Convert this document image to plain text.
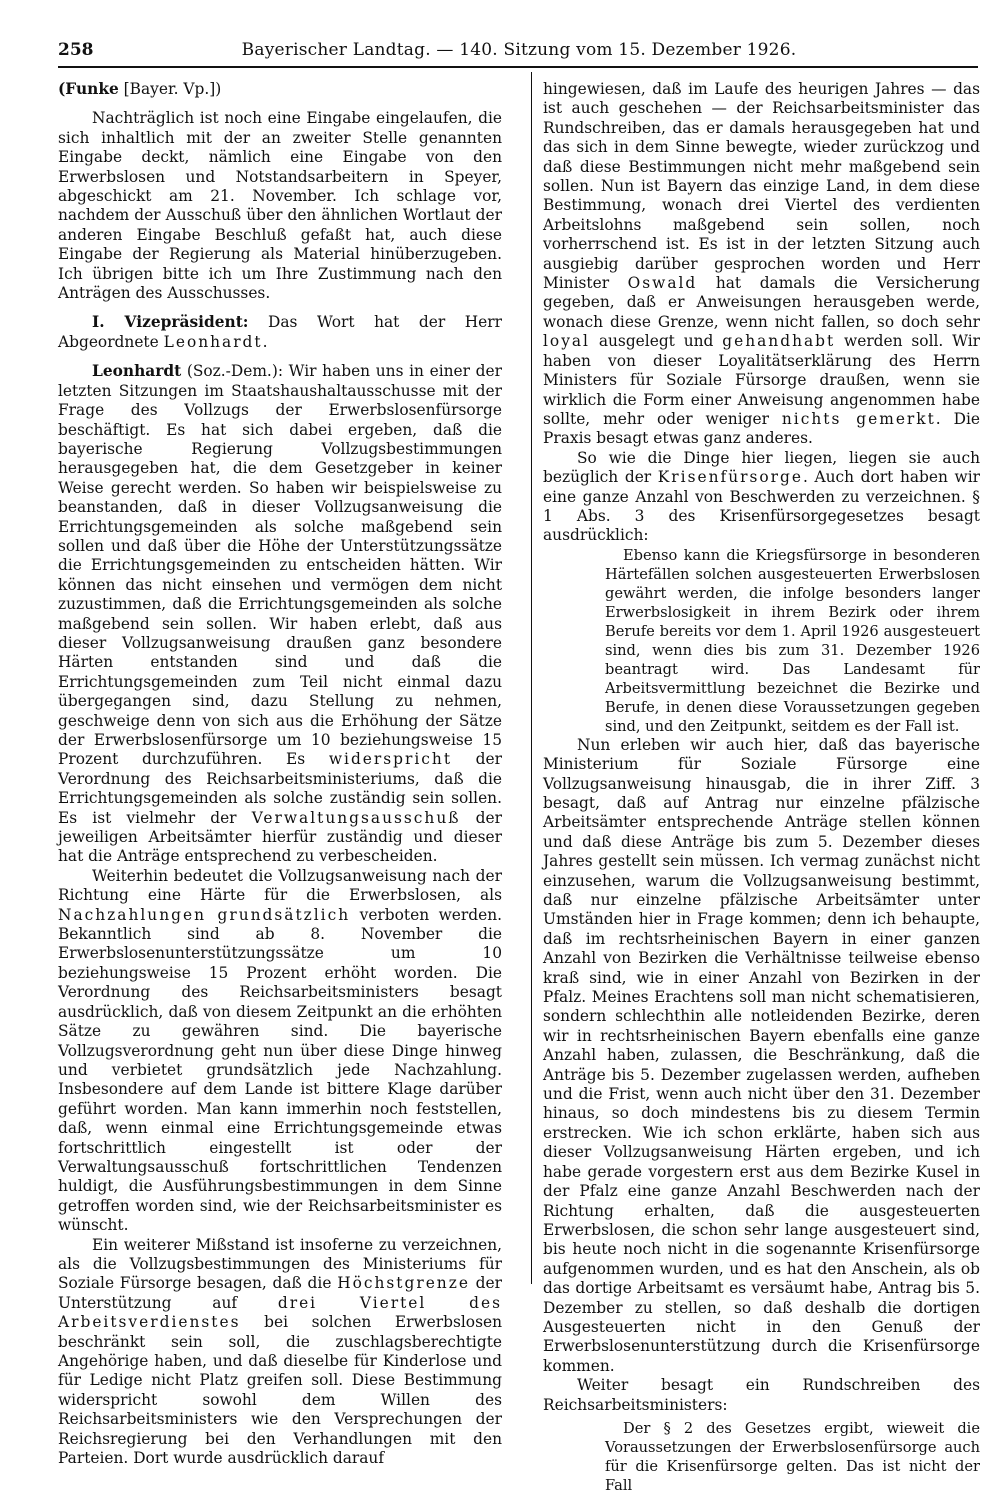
258	Bayerischer Landtag. — 140. Sitzung vom 15. Dezember 1926.

(Funke [Bayer. Vp.])

Nachträglich ist noch eine Eingabe eingelaufen, die sich inhaltlich mit der an zweiter Stelle genannten Eingabe deckt, nämlich eine Eingabe von den Erwerbslosen und Notstandsarbeitern in Speyer, abgeschickt am 21. November. Ich schlage vor, nachdem der Ausschuß über den ähnlichen Wortlaut der anderen Eingabe Beschluß gefaßt hat, auch diese Eingabe der Regierung als Material hinüberzugeben. Ich übrigen bitte ich um Ihre Zustimmung nach den Anträgen des Ausschusses.

I. Vizepräsident: Das Wort hat der Herr Abgeordnete Leonhardt.

Leonhardt (Soz.-Dem.): Wir haben uns in einer der letzten Sitzungen im Staatshaushaltausschusse mit der Frage des Vollzugs der Erwerbslosenfürsorge beschäftigt. Es hat sich dabei ergeben, daß die bayerische Regierung Vollzugsbestimmungen herausgegeben hat, die dem Gesetzgeber in keiner Weise gerecht werden. So haben wir beispielsweise zu beanstanden, daß in dieser Vollzugsanweisung die Errichtungsgemeinden als solche maßgebend sein sollen und daß über die Höhe der Unterstützungssätze die Errichtungsgemeinden zu entscheiden hätten. Wir können das nicht einsehen und vermögen dem nicht zuzustimmen, daß die Errichtungsgemeinden als solche maßgebend sein sollen. Wir haben erlebt, daß aus dieser Vollzugsanweisung draußen ganz besondere Härten entstanden sind und daß die Errichtungsgemeinden zum Teil nicht einmal dazu übergegangen sind, dazu Stellung zu nehmen, geschweige denn von sich aus die Erhöhung der Sätze der Erwerbslosenfürsorge um 10 beziehungsweise 15 Prozent durchzuführen. Es widerspricht der Verordnung des Reichsarbeitsministeriums, daß die Errichtungsgemeinden als solche zuständig sein sollen. Es ist vielmehr der Verwaltungsausschuß der jeweiligen Arbeitsämter hierfür zuständig und dieser hat die Anträge entsprechend zu verbescheiden.

Weiterhin bedeutet die Vollzugsanweisung nach der Richtung eine Härte für die Erwerbslosen, als Nachzahlungen grundsätzlich verboten werden. Bekanntlich sind ab 8. November die Erwerbslosenunterstützungssätze um 10 beziehungsweise 15 Prozent erhöht worden. Die Verordnung des Reichsarbeitsministers besagt ausdrücklich, daß von diesem Zeitpunkt an die erhöhten Sätze zu gewähren sind. Die bayerische Vollzugsverordnung geht nun über diese Dinge hinweg und verbietet grundsätzlich jede Nachzahlung. Insbesondere auf dem Lande ist bittere Klage darüber geführt worden. Man kann immerhin noch feststellen, daß, wenn einmal eine Errichtungsgemeinde etwas fortschrittlich eingestellt ist oder der Verwaltungsausschuß fortschrittlichen Tendenzen huldigt, die Ausführungsbestimmungen in dem Sinne getroffen worden sind, wie der Reichsarbeitsminister es wünscht.

Ein weiterer Mißstand ist insoferne zu verzeichnen, als die Vollzugsbestimmungen des Ministeriums für Soziale Fürsorge besagen, daß die Höchstgrenze der Unterstützung auf drei Viertel des Arbeitsverdienstes bei solchen Erwerbslosen beschränkt sein soll, die zuschlagsberechtigte Angehörige haben, und daß dieselbe für Kinderlose und für Ledige nicht Platz greifen soll. Diese Bestimmung widerspricht sowohl dem Willen des Reichsarbeitsministers wie den Versprechungen der Reichsregierung bei den Verhandlungen mit den Parteien. Dort wurde ausdrücklich darauf

hingewiesen, daß im Laufe des heurigen Jahres — das ist auch geschehen — der Reichsarbeitsminister das Rundschreiben, das er damals herausgegeben hat und das sich in dem Sinne bewegte, wieder zurückzog und daß diese Bestimmungen nicht mehr maßgebend sein sollen. Nun ist Bayern das einzige Land, in dem diese Bestimmung, wonach drei Viertel des verdienten Arbeitslohns maßgebend sein sollen, noch vorherrschend ist. Es ist in der letzten Sitzung auch ausgiebig darüber gesprochen worden und Herr Minister Oswald hat damals die Versicherung gegeben, daß er Anweisungen herausgeben werde, wonach diese Grenze, wenn nicht fallen, so doch sehr loyal ausgelegt und gehandhabt werden soll. Wir haben von dieser Loyalitätserklärung des Herrn Ministers für Soziale Fürsorge draußen, wenn sie wirklich die Form einer Anweisung angenommen habe sollte, mehr oder weniger nichts gemerkt. Die Praxis besagt etwas ganz anderes.

So wie die Dinge hier liegen, liegen sie auch bezüglich der Krisenfürsorge. Auch dort haben wir eine ganze Anzahl von Beschwerden zu verzeichnen. § 1 Abs. 3 des Krisenfürsorgegesetzes besagt ausdrücklich:

Ebenso kann die Kriegsfürsorge in besonderen Härtefällen solchen ausgesteuerten Erwerbslosen gewährt werden, die infolge besonders langer Erwerbslosigkeit in ihrem Bezirk oder ihrem Berufe bereits vor dem 1. April 1926 ausgesteuert sind, wenn dies bis zum 31. Dezember 1926 beantragt wird. Das Landesamt für Arbeitsvermittlung bezeichnet die Bezirke und Berufe, in denen diese Voraussetzungen gegeben sind, und den Zeitpunkt, seitdem es der Fall ist.

Nun erleben wir auch hier, daß das bayerische Ministerium für Soziale Fürsorge eine Vollzugsanweisung hinausgab, die in ihrer Ziff. 3 besagt, daß auf Antrag nur einzelne pfälzische Arbeitsämter entsprechende Anträge stellen können und daß diese Anträge bis zum 5. Dezember dieses Jahres gestellt sein müssen. Ich vermag zunächst nicht einzusehen, warum die Vollzugsanweisung bestimmt, daß nur einzelne pfälzische Arbeitsämter unter Umständen hier in Frage kommen; denn ich behaupte, daß im rechtsrheinischen Bayern in einer ganzen Anzahl von Bezirken die Verhältnisse teilweise ebenso kraß sind, wie in einer Anzahl von Bezirken in der Pfalz. Meines Erachtens soll man nicht schematisieren, sondern schlechthin alle notleidenden Bezirke, deren wir in rechtsrheinischen Bayern ebenfalls eine ganze Anzahl haben, zulassen, die Beschränkung, daß die Anträge bis 5. Dezember zugelassen werden, aufheben und die Frist, wenn auch nicht über den 31. Dezember hinaus, so doch mindestens bis zu diesem Termin erstrecken. Wie ich schon erklärte, haben sich aus dieser Vollzugsanweisung Härten ergeben, und ich habe gerade vorgestern erst aus dem Bezirke Kusel in der Pfalz eine ganze Anzahl Beschwerden nach der Richtung erhalten, daß die ausgesteuerten Erwerbslosen, die schon sehr lange ausgesteuert sind, bis heute noch nicht in die sogenannte Krisenfürsorge aufgenommen wurden, und es hat den Anschein, als ob das dortige Arbeitsamt es versäumt habe, Antrag bis 5. Dezember zu stellen, so daß deshalb die dortigen Ausgesteuerten nicht in den Genuß der Erwerbslosenunterstützung durch die Krisenfürsorge kommen.

Weiter besagt ein Rundschreiben des Reichsarbeitsministers:

Der § 2 des Gesetzes ergibt, wieweit die Voraussetzungen der Erwerbslosenfürsorge auch für die Krisenfürsorge gelten. Das ist nicht der Fall
